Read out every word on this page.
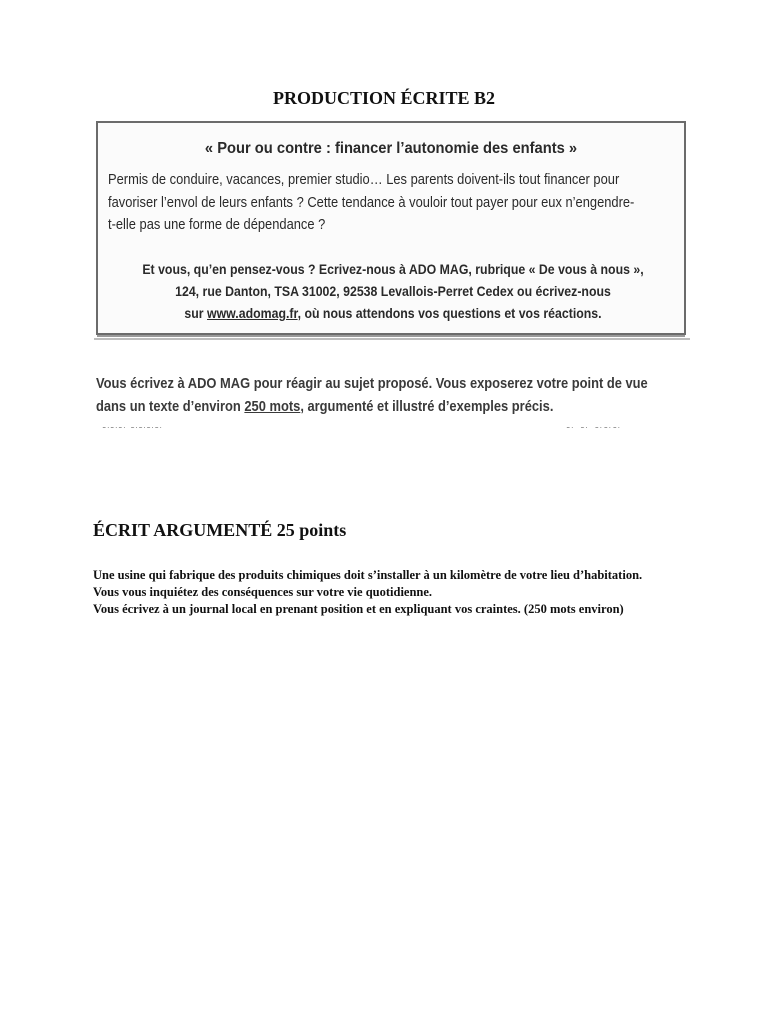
PRODUCTION ÉCRITE B2
« Pour ou contre : financer l’autonomie des enfants »
Permis de conduire, vacances, premier studio… Les parents doivent-ils tout financer pour
favoriser l’envol de leurs enfants ? Cette tendance à vouloir tout payer pour eux n’engendre-
t-elle pas une forme de dépendance ?
Et vous, qu’en pensez-vous ? Ecrivez-nous à ADO MAG, rubrique « De vous à nous »,
124, rue Danton, TSA 31002, 92538 Levallois-Perret Cedex ou écrivez-nous
sur www.adomag.fr, où nous attendons vos questions et vos réactions.
Vous écrivez à ADO MAG pour réagir au sujet proposé. Vous exposerez votre point de vue
dans un texte d’environ 250 mots, argumenté et illustré d’exemples précis.
~~~ ~~~~	~ ~ ~~~
ÉCRIT ARGUMENTÉ 25 points

Une usine qui fabrique des produits chimiques doit s’installer à un kilomètre de votre lieu d’habitation.

Vous vous inquiétez des conséquences sur votre vie quotidienne.

Vous écrivez à un journal local en prenant position et en expliquant vos craintes. (250 mots environ)
